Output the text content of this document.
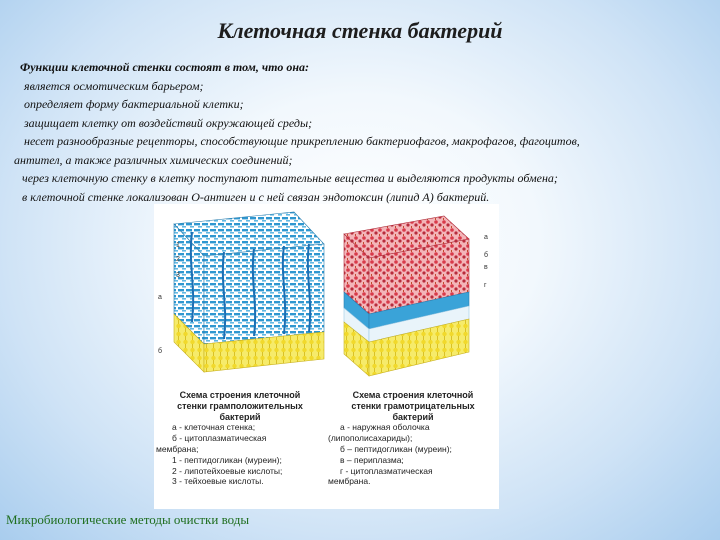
Клеточная стенка бактерий
Функции клеточной стенки состоят в том, что она:
является осмотическим барьером;
определяет форму бактериальной клетки;
защищает клетку от воздействий окружающей среды;
несет разнообразные рецепторы, способствующие прикреплению бактериофагов, макрофагов, фагоцитов,
антител, а также различных химических соединений;
через клеточную стенку в клетку поступают питательные вещества и выделяются продукты обмена;
в клеточной стенке локализован О-антиген и с ней связан эндотоксин (липид А) бактерий.
1
2
3
а
б
а
б
в
г
Схема строения клеточной
стенки грамположительных
бактерий
а - клеточная стенка;
б - цитоплазматическая
мембрана;
1 - пептидогликан (муреин);
2 - липотейхоевые кислоты;
3 - тейхоевые кислоты.
Схема строения клеточной
стенки грамотрицательных
бактерий
а - наружная оболочка
(липополисахариды);
б – пептидогликан (муреин);
в – периплазма;
г - цитоплазматическая
мембрана.
Микробиологические методы очистки воды
